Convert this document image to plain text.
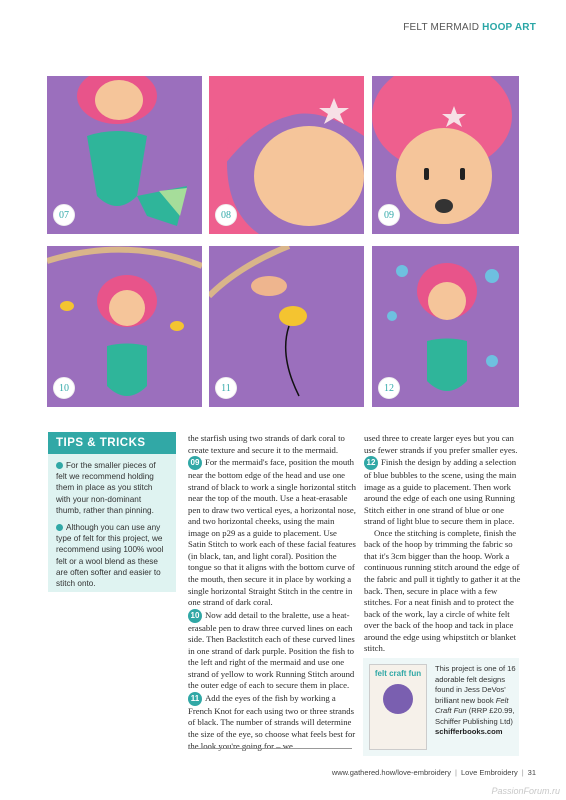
FELT MERMAID HOOP ART
07	08	09
10	11	12
TIPS & TRICKS

For the smaller pieces of felt we recommend holding them in place as you stitch with your non-dominant thumb, rather than pinning.

Although you can use any type of felt for this project, we recommend using 100% wool felt or a wool blend as these are often softer and easier to stitch onto.

the starfish using two strands of dark coral to create texture and secure it to the mermaid.

09 For the mermaid's face, position the mouth near the bottom edge of the head and use one strand of black to work a single horizontal stitch near the top of the mouth. Use a heat-erasable pen to draw two vertical eyes, a horizontal nose, and two horizontal cheeks, using the main image on p29 as a guide to placement. Use Satin Stitch to work each of these facial features (in black, tan, and light coral). Position the tongue so that it aligns with the bottom curve of the mouth, then secure it in place by working a single horizontal Straight Stitch in the centre in one strand of dark coral.

10 Now add detail to the bralette, use a heat-erasable pen to draw three curved lines on each side. Then Backstitch each of these curved lines in one strand of dark purple. Position the fish to the left and right of the mermaid and use one strand of yellow to work Running Stitch around the outer edge of each to secure them in place.

11 Add the eyes of the fish by working a French Knot for each using two or three strands of black. The number of strands will determine the size of the eye, so choose what feels best for the look you're going for – we

used three to create larger eyes but you can use fewer strands if you prefer smaller eyes.

12 Finish the design by adding a selection of blue bubbles to the scene, using the main image as a guide to placement. Then work around the edge of each one using Running Stitch either in one strand of blue or one strand of light blue to secure them in place.

Once the stitching is complete, finish the back of the hoop by trimming the fabric so that it's 3cm bigger than the hoop. Work a continuous running stitch around the edge of the fabric and pull it tightly to gather it at the back. Then, secure in place with a few stitches. For a neat finish and to protect the back of the work, lay a circle of white felt over the back of the hoop and tack in place around the edge using whipstitch or blanket stitch.

felt craft fun
This project is one of 16 adorable felt designs found in Jess DeVos' brilliant new book Felt Craft Fun (RRP £20.99, Schiffer Publishing Ltd)
schifferbooks.com
www.gathered.how/love-embroidery | Love Embroidery | 31
PassionForum.ru
